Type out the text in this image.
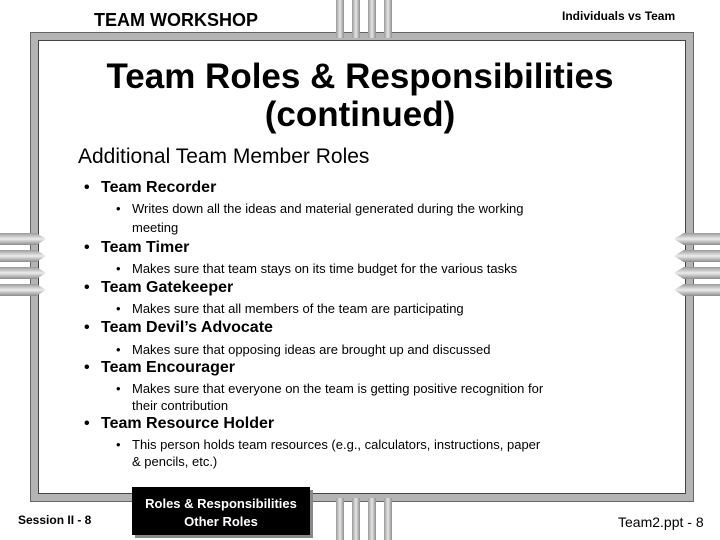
TEAM WORKSHOP	Individuals vs Team
Team Roles & Responsibilities
(continued)
Additional Team Member Roles
• Team Recorder
• Writes down all the ideas and material generated during the working
meeting
• Team Timer
• Makes sure that team stays on its time budget for the various tasks
• Team Gatekeeper
• Makes sure that all members of the team are participating
• Team Devil’s Advocate
• Makes sure that opposing ideas are brought up and discussed
• Team Encourager
• Makes sure that everyone on the team is getting positive recognition for
their contribution
• Team Resource Holder
• This person holds team resources (e.g., calculators, instructions, paper
& pencils, etc.)
Session II - 8
Roles & Responsibilities
Other Roles	Team2.ppt - 8
